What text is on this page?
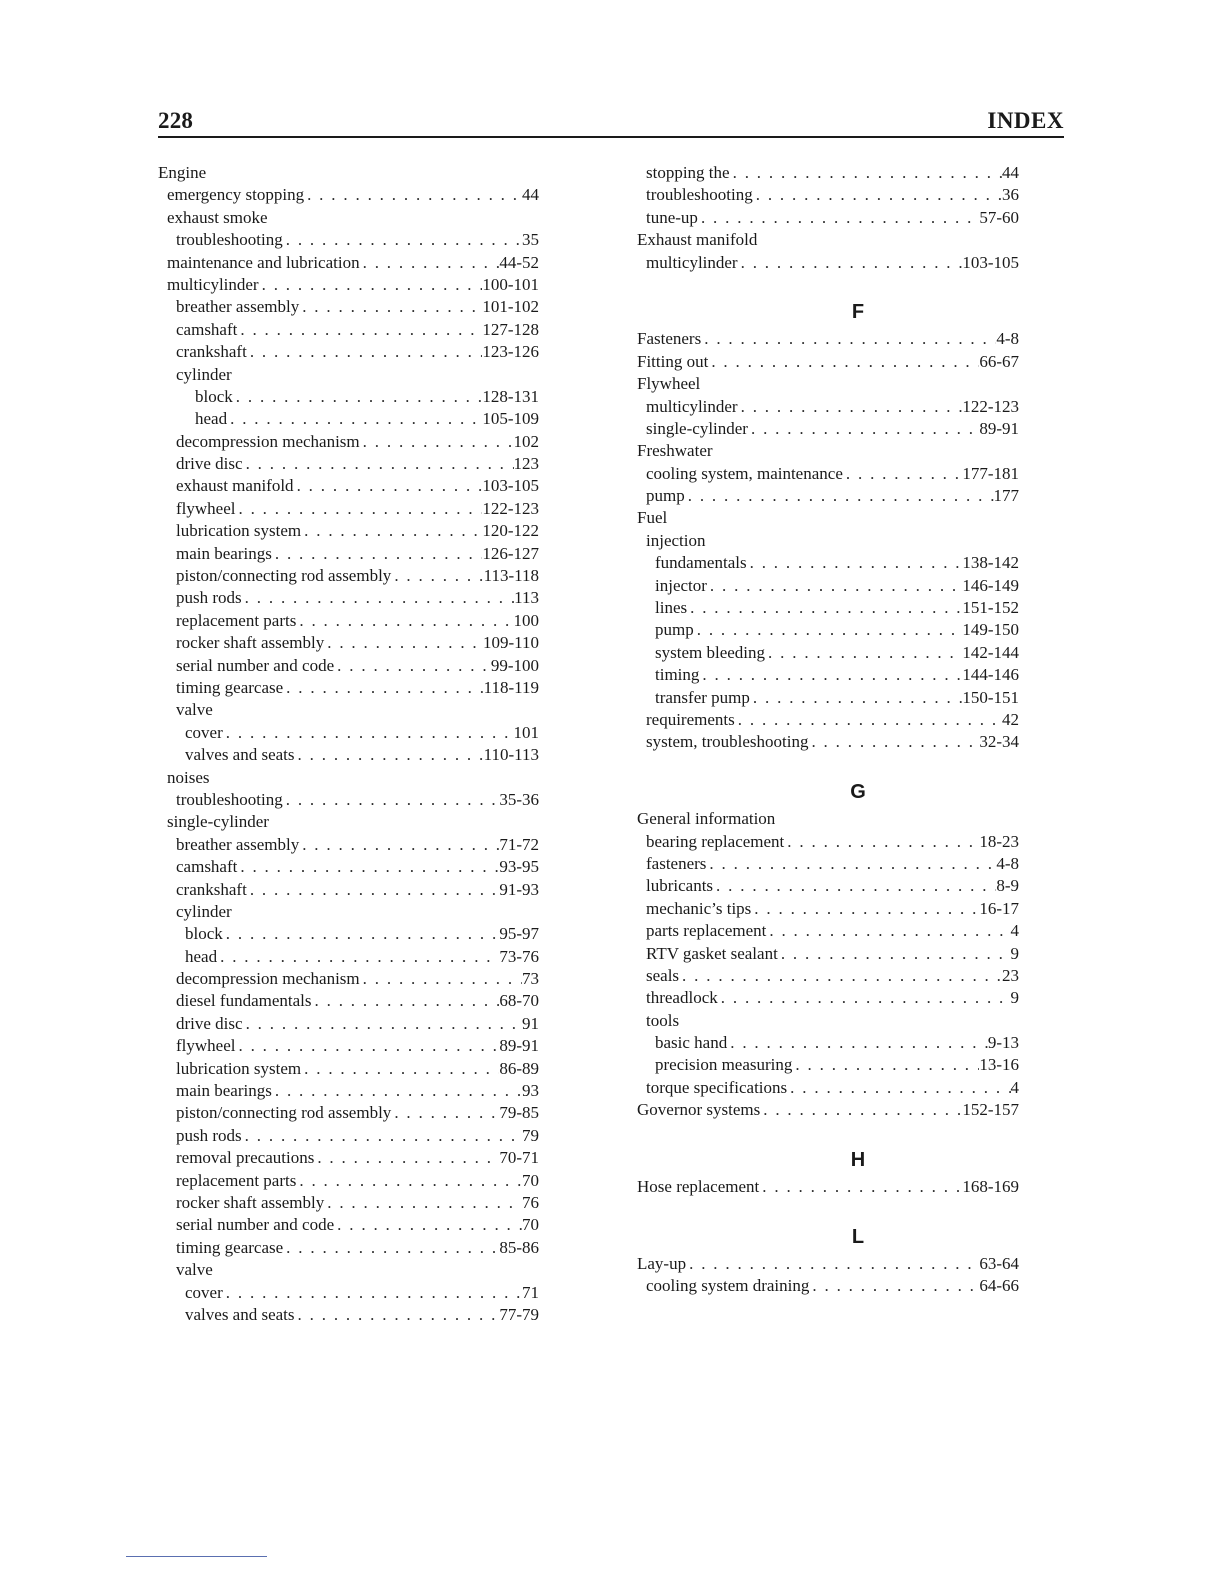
228	INDEX
Engine
emergency stopping . . .	44
exhaust smoke
troubleshooting . . .	35
maintenance and lubrication . . .	44-52
multicylinder . . .	100-101
breather assembly . . .	101-102
camshaft . . .	127-128
crankshaft . . .	123-126
cylinder
block . . .	128-131
head . . .	105-109
decompression mechanism . . .	102
drive disc . . .	123
exhaust manifold . . .	103-105
flywheel . . .	122-123
lubrication system . . .	120-122
main bearings . . .	126-127
piston/connecting rod assembly . . .	113-118
push rods . . .	113
replacement parts . . .	100
rocker shaft assembly . . .	109-110
serial number and code . . .	99-100
timing gearcase . . .	118-119
valve
cover . . .	101
valves and seats . . .	110-113
noises
troubleshooting . . .	35-36
single-cylinder
breather assembly . . .	71-72
camshaft . . .	93-95
crankshaft . . .	91-93
cylinder
block . . .	95-97
head . . .	73-76
decompression mechanism . . .	73
diesel fundamentals . . .	68-70
drive disc . . .	91
flywheel . . .	89-91
lubrication system . . .	86-89
main bearings . . .	93
piston/connecting rod assembly . . .	79-85
push rods . . .	79
removal precautions . . .	70-71
replacement parts . . .	70
rocker shaft assembly . . .	76
serial number and code . . .	70
timing gearcase . . .	85-86
valve
cover . . .	71
valves and seats . . .	77-79
stopping the . . .	44
troubleshooting . . .	36
tune-up . . .	57-60
Exhaust manifold
multicylinder . . .	103-105
F
Fasteners . . .	4-8
Fitting out . . .	66-67
Flywheel
multicylinder . . .	122-123
single-cylinder . . .	89-91
Freshwater
cooling system, maintenance . . .	177-181
pump . . .	177
Fuel
injection
fundamentals . . .	138-142
injector . . .	146-149
lines . . .	151-152
pump . . .	149-150
system bleeding . . .	142-144
timing . . .	144-146
transfer pump . . .	150-151
requirements . . .	42
system, troubleshooting . . .	32-34
G
General information
bearing replacement . . .	18-23
fasteners . . .	4-8
lubricants . . .	8-9
mechanic’s tips . . .	16-17
parts replacement . . .	4
RTV gasket sealant . . .	9
seals . . .	23
threadlock . . .	9
tools
basic hand . . .	9-13
precision measuring . . .	13-16
torque specifications . . .	4
Governor systems . . .	152-157
H
Hose replacement . . .	168-169
L
Lay-up . . .	63-64
cooling system draining . . .	64-66
